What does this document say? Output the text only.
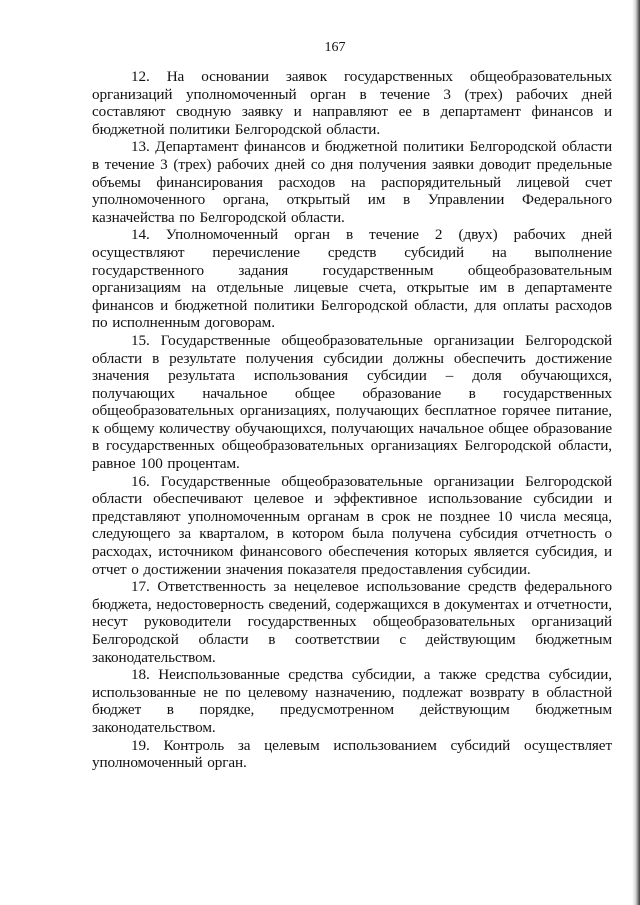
167

12. На основании заявок государственных общеобразовательных организаций уполномоченный орган в течение 3 (трех) рабочих дней составляют сводную заявку и направляют ее в департамент финансов и бюджетной политики Белгородской области.

13. Департамент финансов и бюджетной политики Белгородской области в течение 3 (трех) рабочих дней со дня получения заявки доводит предельные объемы финансирования расходов на распорядительный лицевой счет уполномоченного органа, открытый им в Управлении Федерального казначейства по Белгородской области.

14. Уполномоченный орган в течение 2 (двух) рабочих дней осуществляют перечисление средств субсидий на выполнение государственного задания государственным общеобразовательным организациям на отдельные лицевые счета, открытые им в департаменте финансов и бюджетной политики Белгородской области, для оплаты расходов по исполненным договорам.

15. Государственные общеобразовательные организации Белгородской области в результате получения субсидии должны обеспечить достижение значения результата использования субсидии – доля обучающихся, получающих начальное общее образование в государственных общеобразовательных организациях, получающих бесплатное горячее питание, к общему количеству обучающихся, получающих начальное общее образование в государственных общеобразовательных организациях Белгородской области, равное 100 процентам.

16. Государственные общеобразовательные организации Белгородской области обеспечивают целевое и эффективное использование субсидии и представляют уполномоченным органам в срок не позднее 10 числа месяца, следующего за кварталом, в котором была получена субсидия отчетность о расходах, источником финансового обеспечения которых является субсидия, и отчет о достижении значения показателя предоставления субсидии.

17. Ответственность за нецелевое использование средств федерального бюджета, недостоверность сведений, содержащихся в документах и отчетности, несут руководители государственных общеобразовательных организаций Белгородской области в соответствии с действующим бюджетным законодательством.

18. Неиспользованные средства субсидии, а также средства субсидии, использованные не по целевому назначению, подлежат возврату в областной бюджет в порядке, предусмотренном действующим бюджетным законодательством.

19. Контроль за целевым использованием субсидий осуществляет уполномоченный орган.
